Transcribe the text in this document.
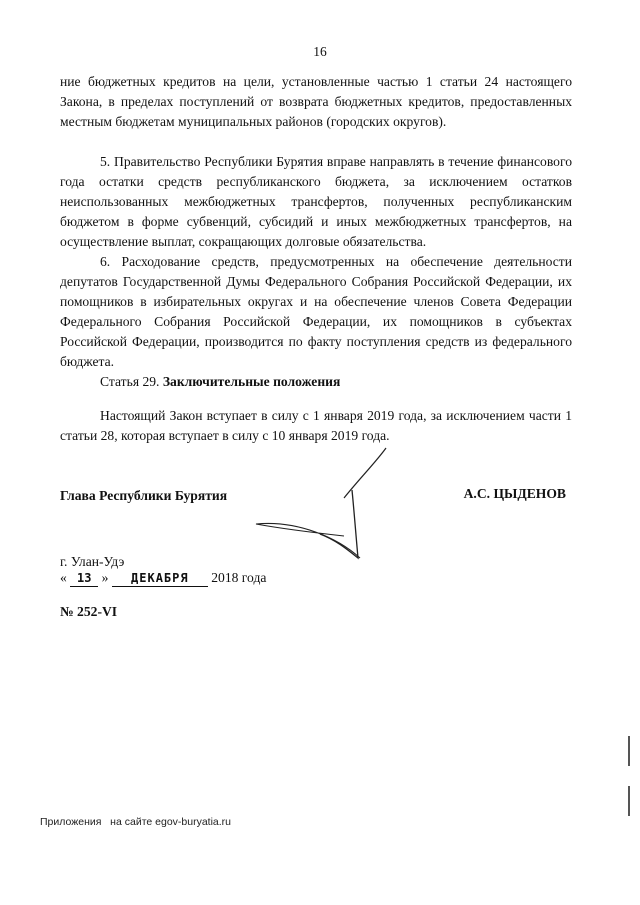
16

ние бюджетных кредитов на цели, установленные частью 1 статьи 24 настоящего Закона, в пределах поступлений от возврата бюджетных кредитов, предоставленных местным бюджетам муниципальных районов (городских округов).

5. Правительство Республики Бурятия вправе направлять в течение финансового года остатки средств республиканского бюджета, за исключением остатков неиспользованных межбюджетных трансфертов, полученных республиканским бюджетом в форме субвенций, субсидий и иных межбюджетных трансфертов, на осуществление выплат, сокращающих долговые обязательства.

6. Расходование средств, предусмотренных на обеспечение деятельности депутатов Государственной Думы Федерального Собрания Российской Федерации, их помощников в избирательных округах и на обеспечение членов Совета Федерации Федерального Собрания Российской Федерации, их помощников в субъектах Российской Федерации, производится по факту поступления средств из федерального бюджета.

Статья 29. Заключительные положения

Настоящий Закон вступает в силу с 1 января 2019 года, за исключением части 1 статьи 28, которая вступает в силу с 10 января 2019 года.

Глава Республики Бурятия	А.С. ЦЫДЕНОВ
г. Улан-Удэ
« 13 » ДЕКАБРЯ 2018 года
№ 252-VI
Приложения   на сайте egov-buryatia.ru
